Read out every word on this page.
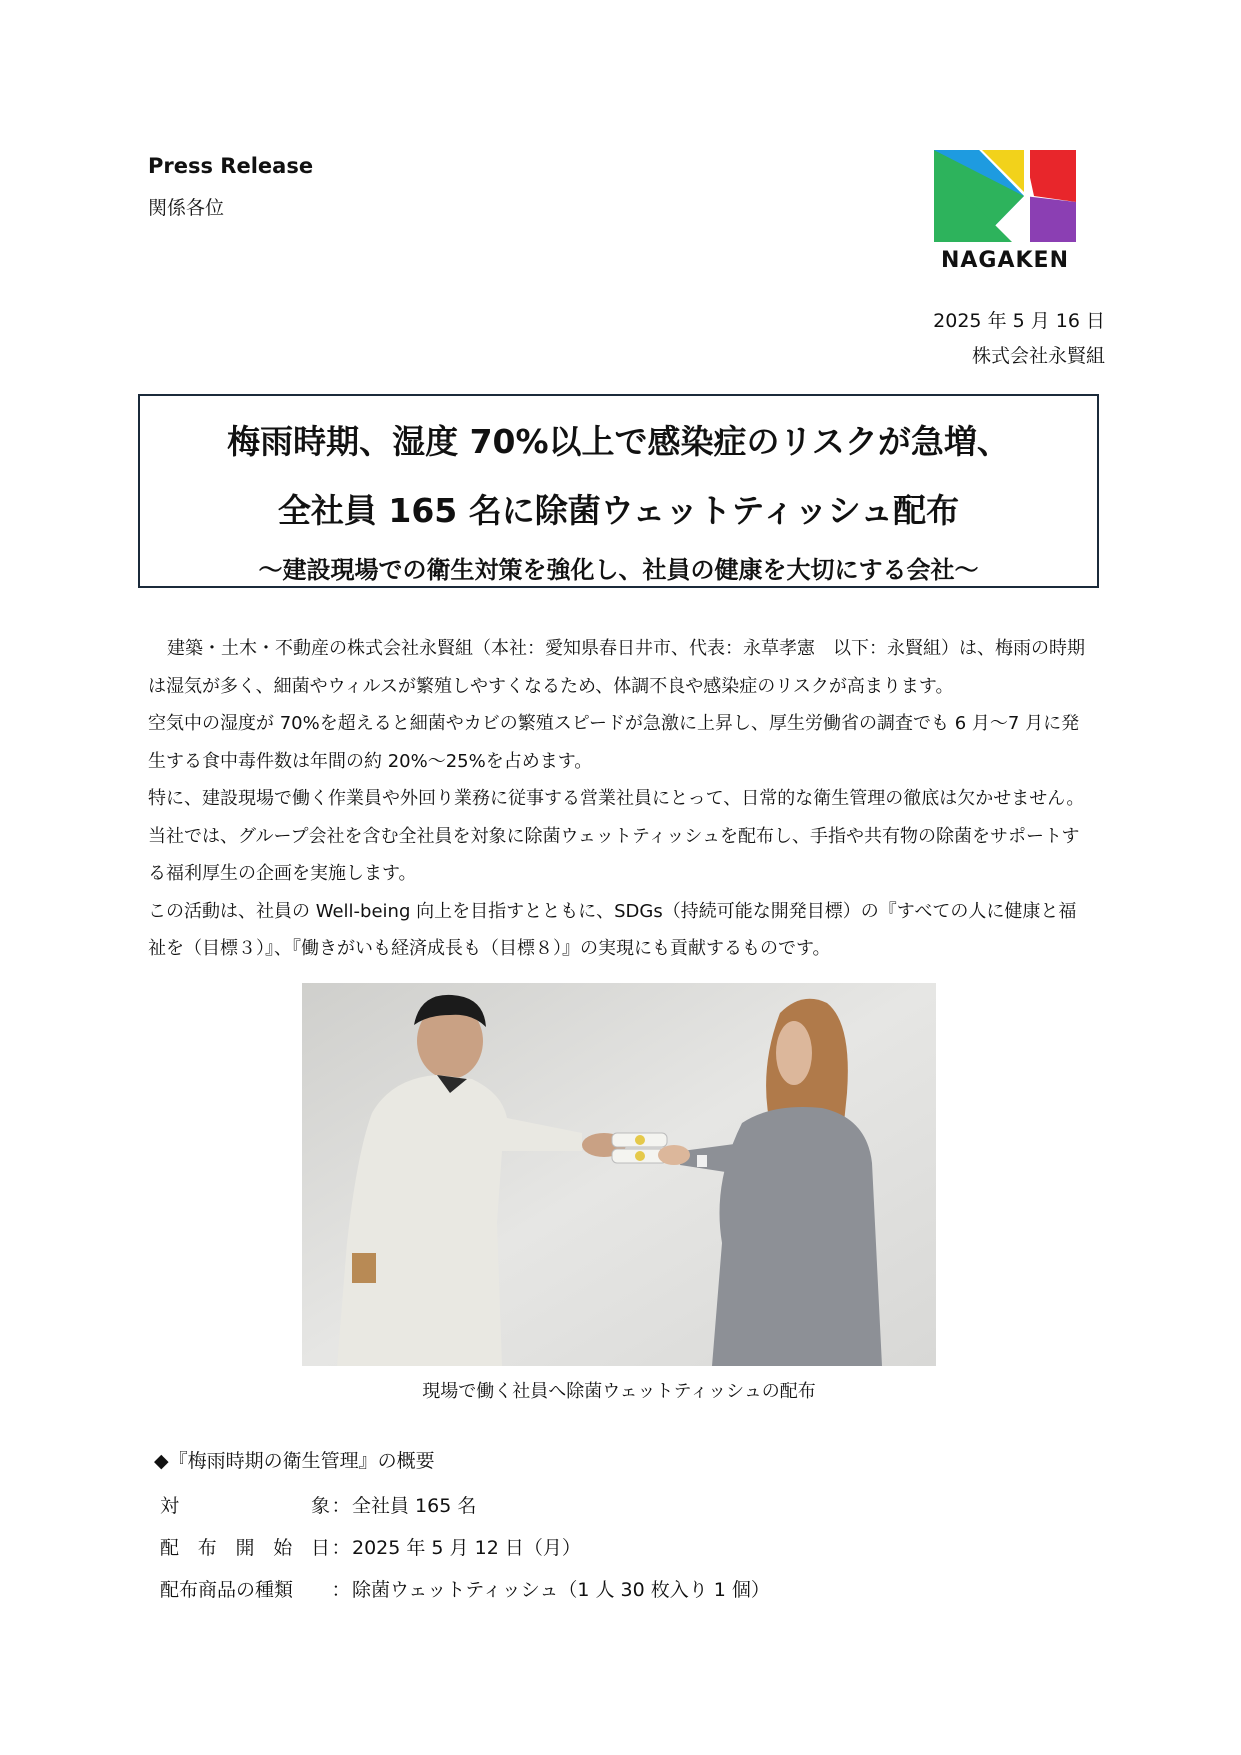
Press Release
関係各位
NAGAKEN
2025 年 5 月 16 日
株式会社永賢組
梅雨時期、湿度 70%以上で感染症のリスクが急増、
全社員 165 名に除菌ウェットティッシュ配布
～建設現場での衛生対策を強化し、社員の健康を大切にする会社～

建築・土木・不動産の株式会社永賢組（本社：愛知県春日井市、代表：永草孝憲　以下：永賢組）は、梅雨の時期は湿気が多く、細菌やウィルスが繁殖しやすくなるため、体調不良や感染症のリスクが高まります。

空気中の湿度が 70%を超えると細菌やカビの繁殖スピードが急激に上昇し、厚生労働省の調査でも 6 月～7 月に発生する食中毒件数は年間の約 20%～25%を占めます。

特に、建設現場で働く作業員や外回り業務に従事する営業社員にとって、日常的な衛生管理の徹底は欠かせません。当社では、グループ会社を含む全社員を対象に除菌ウェットティッシュを配布し、手指や共有物の除菌をサポートする福利厚生の企画を実施します。

この活動は、社員の Well-being 向上を目指すとともに、SDGs（持続可能な開発目標）の『すべての人に健康と福祉を（目標３）』、『働きがいも経済成長も（目標８）』の実現にも貢献するものです。

現場で働く社員へ除菌ウェットティッシュの配布
◆『梅雨時期の衛生管理』の概要
対	象 ： 全社員 165 名
配 布 開 始 日 ： 2025 年 5 月 12 日（月）
配布商品の種類 ： 除菌ウェットティッシュ（1 人 30 枚入り 1 個）
